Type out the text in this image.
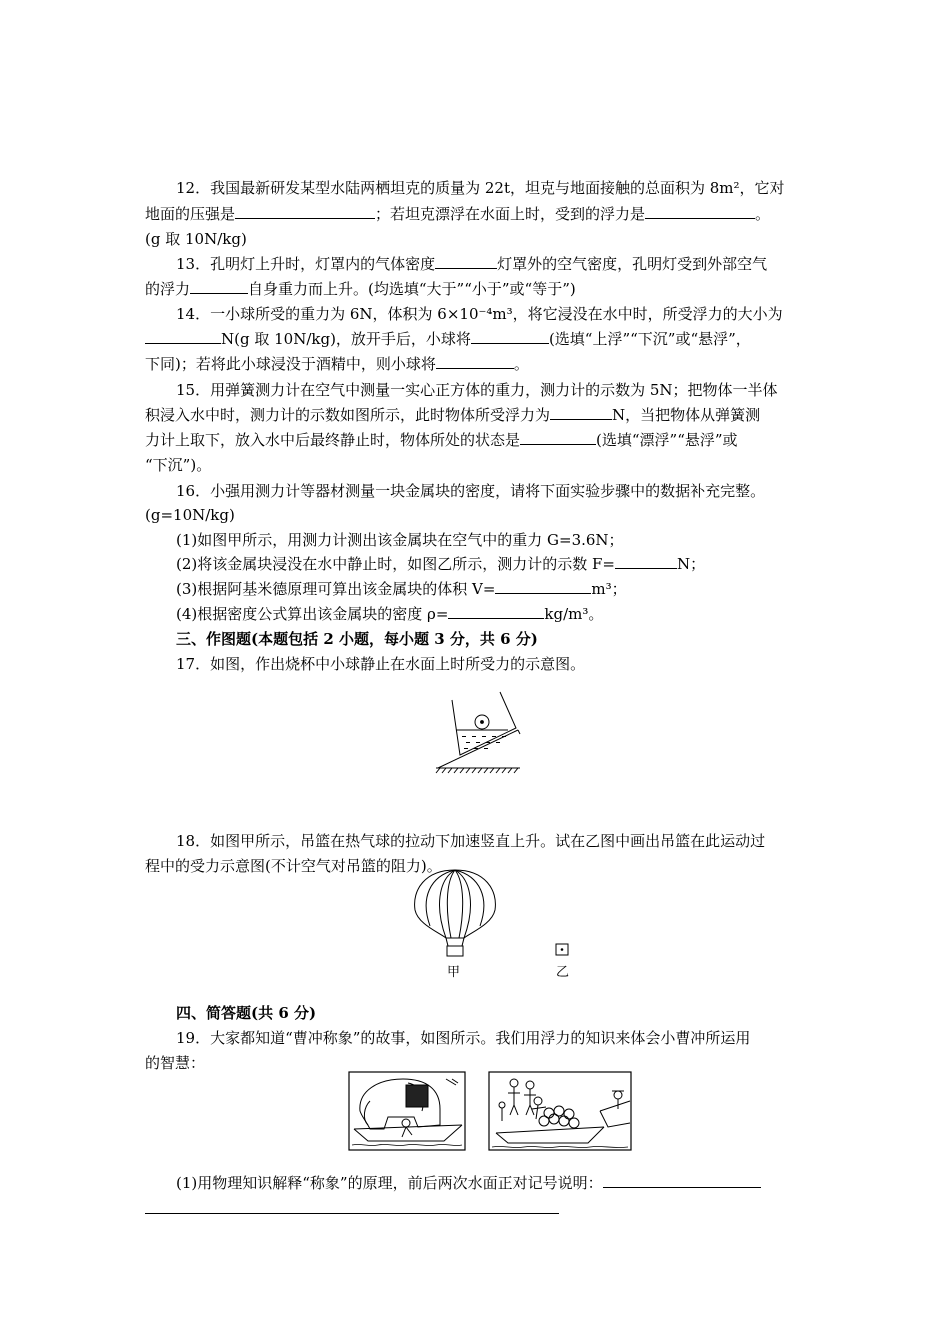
12．我国最新研发某型水陆两栖坦克的质量为 22t，坦克与地面接触的总面积为 8m²，它对
地面的压强是	；若坦克漂浮在水面上时，受到的浮力是	。
(g 取 10N/kg)
13．孔明灯上升时，灯罩内的气体密度	灯罩外的空气密度，孔明灯受到外部空气
的浮力	自身重力而上升。(均选填“大于”“小于”或“等于”)
14．一小球所受的重力为 6N，体积为 6×10⁻⁴m³，将它浸没在水中时，所受浮力的大小为
N(g 取 10N/kg)，放开手后，小球将	(选填“上浮”“下沉”或“悬浮”，
下同)；若将此小球浸没于酒精中，则小球将	。
15．用弹簧测力计在空气中测量一实心正方体的重力，测力计的示数为 5N；把物体一半体
积浸入水中时，测力计的示数如图所示，此时物体所受浮力为	N，当把物体从弹簧测
力计上取下，放入水中后最终静止时，物体所处的状态是	(选填“漂浮”“悬浮”或
“下沉”)。
16．小强用测力计等器材测量一块金属块的密度，请将下面实验步骤中的数据补充完整。
(g=10N/kg)
(1)如图甲所示，用测力计测出该金属块在空气中的重力 G=3.6N；
(2)将该金属块浸没在水中静止时，如图乙所示，测力计的示数 F=	N；
(3)根据阿基米德原理可算出该金属块的体积 V=	m³；
(4)根据密度公式算出该金属块的密度 ρ=	kg/m³。
三、作图题(本题包括 2 小题，每小题 3 分，共 6 分)
17．如图，作出烧杯中小球静止在水面上时所受力的示意图。
18．如图甲所示，吊篮在热气球的拉动下加速竖直上升。试在乙图中画出吊篮在此运动过
程中的受力示意图(不计空气对吊篮的阻力)。
甲	乙
四、简答题(共 6 分)
19．大家都知道“曹冲称象”的故事，如图所示。我们用浮力的知识来体会小曹冲所运用
的智慧：
(1)用物理知识解释“称象”的原理，前后两次水面正对记号说明：
